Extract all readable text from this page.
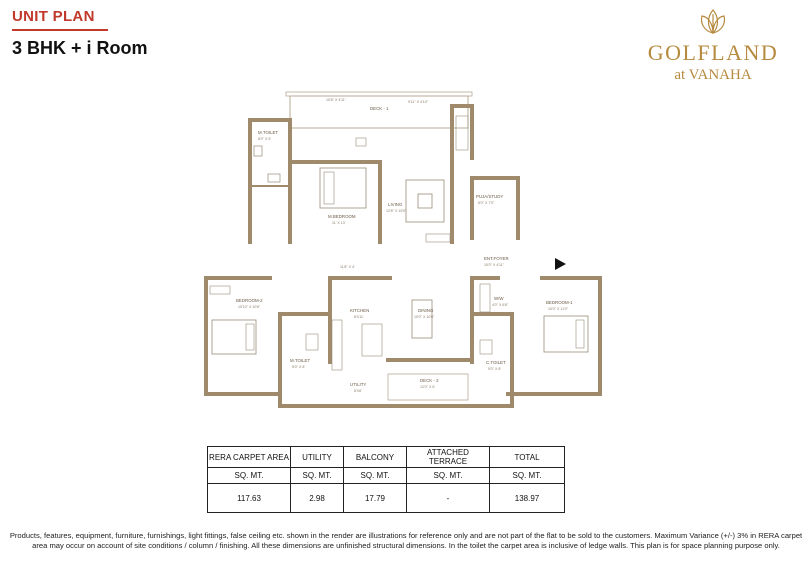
UNIT PLAN
3 BHK + i Room	GOLFLAND
at VANAHA
DECK - 1
10'8" X 4'11"	9'11" X 4'10"
M.TOILET
8'0" X 5'
M.BEDROOM
11' X 13'
LIVING
12'8" X 19'0"
PUJA/STUDY
5'0" X 7'0"
ENT.FOYER
10'0" X 4'11"
11'8" X 4'
BEDROOM-2
10'10" X 10'6"
M.TOILET
5'0" X 8'
KITCHEN
8'X11'
DINING
10'0" X 10'0"
W/W
4'0" X 6'6"	BEDROOM-1
10'0" X 11'0"
UTILITY
8'X6'
DECK - 2
12'0" X 6'
C.TOILET
5'0" X 8'
RERA CARPET AREA	UTILITY	BALCONY	ATTACHED TERRACE	TOTAL
SQ. MT.	SQ. MT.	SQ. MT.	SQ. MT.	SQ. MT.
117.63	2.98	17.79	-	138.97
Products, features, equipment, furniture, furnishings, light fittings, false ceiling etc. shown in the render are illustrations for reference only and are not part of the flat to be sold to the customers. Maximum Variance (+/-) 3% in RERA carpet area may occur on account of site conditions / column / finishing. All these dimensions are unfinished structural dimensions. In the toilet the carpet area is inclusive of ledge walls. This plan is for space planning purpose only.
